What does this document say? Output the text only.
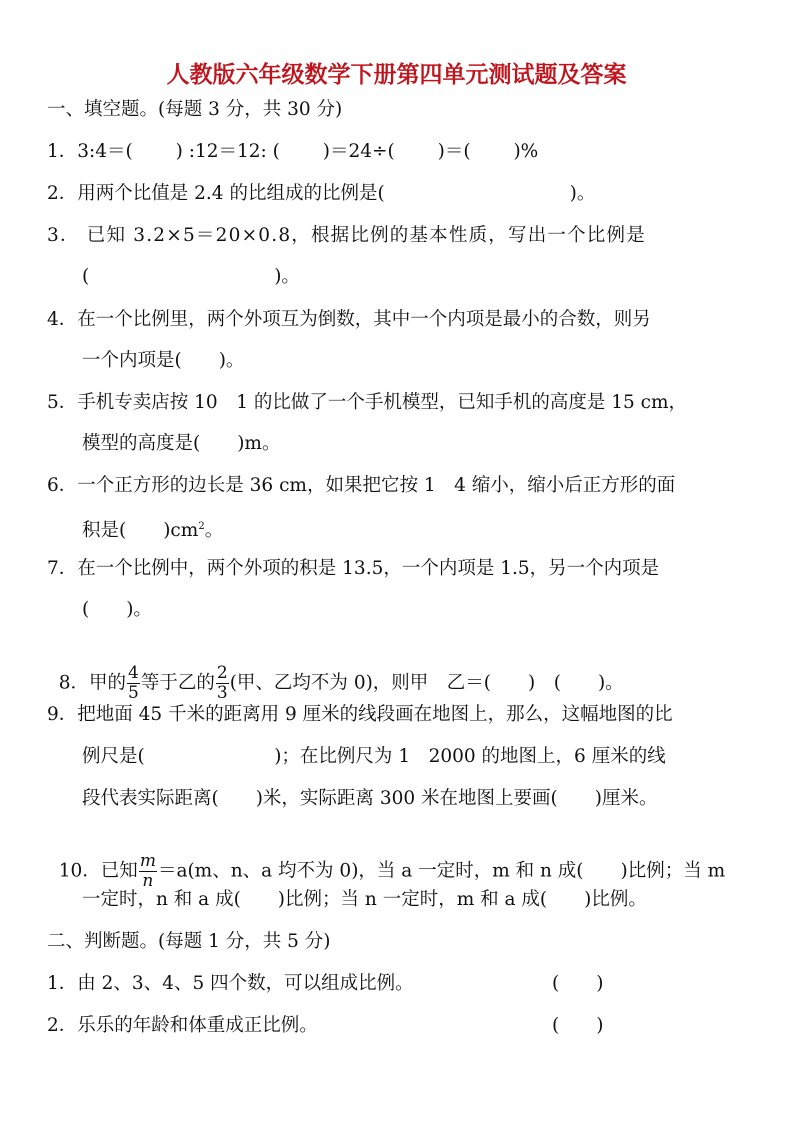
人教版六年级数学下册第四单元测试题及答案
一、填空题。(每题 3 分，共 30 分)
1．3:4＝(　　 ) :12＝12: (　　 )＝24÷(　　 )＝(　　 )%
2．用两个比值是 2.4 的比组成的比例是(　　　　　　　　　　)。
3． 已知 3.2×5＝20×0.8，根据比例的基本性质，写出一个比例是
(　　　　　　　　　　)。
4．在一个比例里，两个外项互为倒数，其中一个内项是最小的合数，则另
一个内项是(　　)。
5．手机专卖店按 10　1 的比做了一个手机模型，已知手机的高度是 15 cm，
模型的高度是(　　)m。
6．一个正方形的边长是 36 cm，如果把它按 1　4 缩小，缩小后正方形的面
积是(　　)$cm^2$。
7．在一个比例中，两个外项的积是 13.5，一个内项是 1.5，另一个内项是
(　　)。

8．甲的 $\frac{4}{5}$ 等于乙的 $\frac{2}{3}$ (甲、乙均不为 0)，则甲　乙＝(　　)　(　　)。

9．把地面 45 千米的距离用 9 厘米的线段画在地图上，那么，这幅地图的比
例尺是(　　　　　　　)；在比例尺为 1　2000 的地图上，6 厘米的线
段代表实际距离(　　)米，实际距离 300 米在地图上要画(　　)厘米。

10．已知 $\frac{m}{n} =a(m$、n、a 均不为 0)，当 a 一定时，m 和 n 成(　　)比例；当 m

一定时，n 和 a 成(　　)比例；当 n 一定时，m 和 a 成(　　)比例。
二、判断题。(每题 1 分，共 5 分)
1．由 2、3、4、5 四个数，可以组成比例。	(　　)
2．乐乐的年龄和体重成正比例。	(　　)
